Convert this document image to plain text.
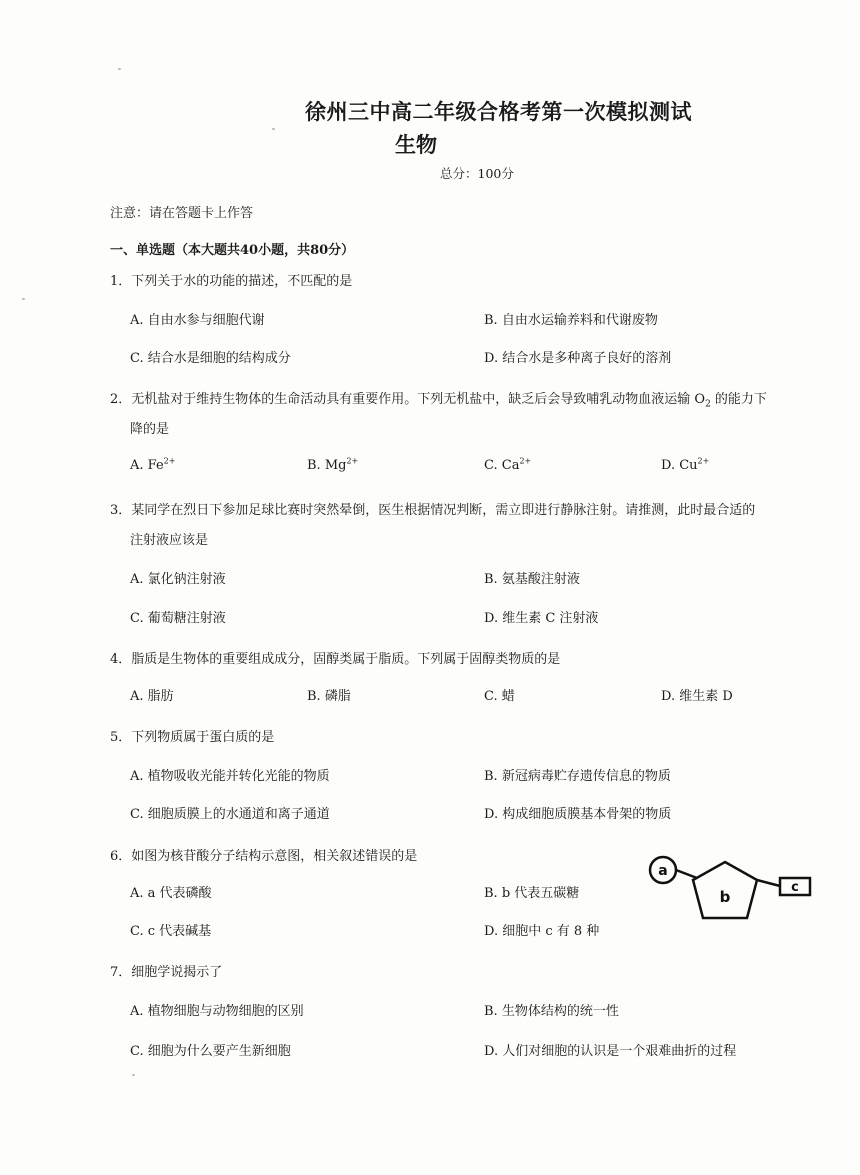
徐州三中高二年级合格考第一次模拟测试
生物
总分：100分
注意：请在答题卡上作答
一、单选题（本大题共40小题，共80分）
1．下列关于水的功能的描述，不匹配的是
A. 自由水参与细胞代谢	B. 自由水运输养料和代谢废物
C. 结合水是细胞的结构成分	D. 结合水是多种离子良好的溶剂
2．无机盐对于维持生物体的生命活动具有重要作用。下列无机盐中，缺乏后会导致哺乳动物血液运输 $O_2$ 的能力下
降的是
A. $Fe^{2+}$	B. $Mg^{2+}$	C. $Ca^{2+}$	D. $Cu^{2+}$
3．某同学在烈日下参加足球比赛时突然晕倒，医生根据情况判断，需立即进行静脉注射。请推测，此时最合适的
注射液应该是
A. 氯化钠注射液	B. 氨基酸注射液
C. 葡萄糖注射液	D. 维生素 C 注射液
4．脂质是生物体的重要组成成分，固醇类属于脂质。下列属于固醇类物质的是
A. 脂肪	B. 磷脂	C. 蜡	D. 维生素 D
5．下列物质属于蛋白质的是
A. 植物吸收光能并转化光能的物质	B. 新冠病毒贮存遗传信息的物质
C. 细胞质膜上的水通道和离子通道	D. 构成细胞质膜基本骨架的物质
6．如图为核苷酸分子结构示意图，相关叙述错误的是
A. a 代表磷酸	B. b 代表五碳糖
C. c 代表碱基	D. 细胞中 c 有 8 种
a
b
c
7．细胞学说揭示了
A. 植物细胞与动物细胞的区别	B. 生物体结构的统一性
C. 细胞为什么要产生新细胞	D. 人们对细胞的认识是一个艰难曲折的过程
